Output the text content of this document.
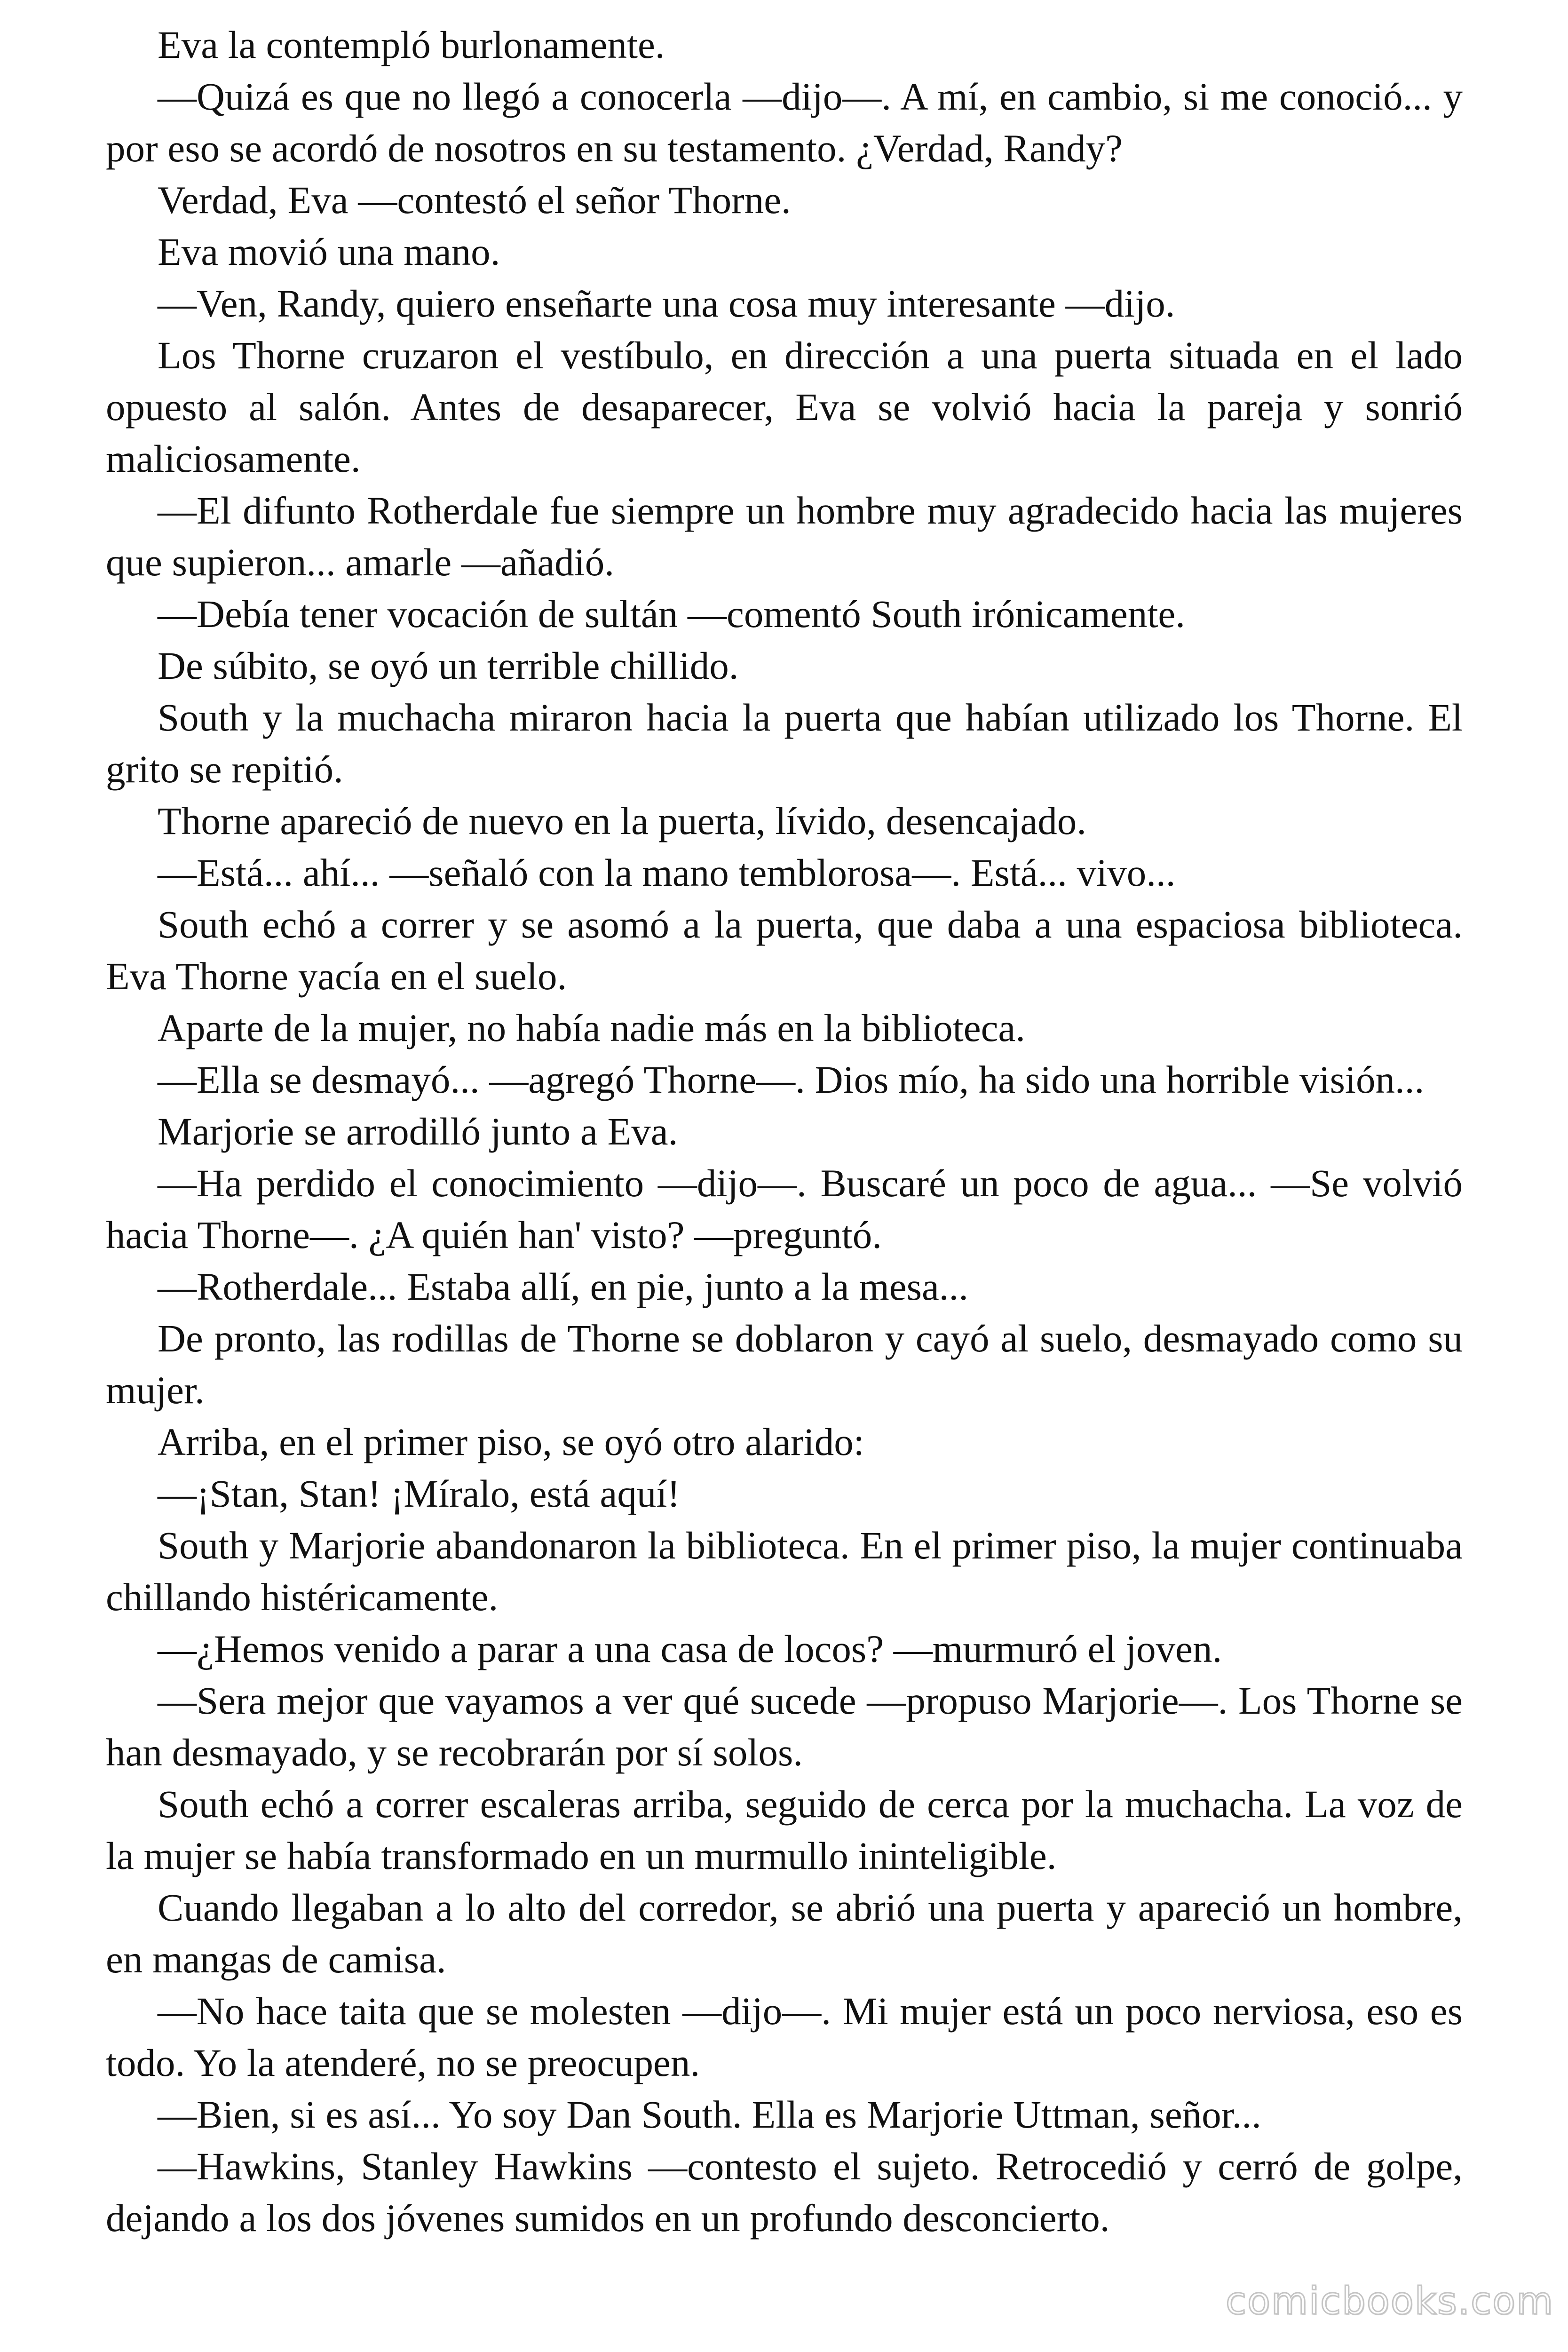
Eva la contempló burlonamente.

—Quizá es que no llegó a conocerla —dijo—. A mí, en cambio, si me conoció... y por eso se acordó de nosotros en su testamento. ¿Verdad, Randy?

Verdad, Eva —contestó el señor Thorne.

Eva movió una mano.

—Ven, Randy, quiero enseñarte una cosa muy interesante —dijo.

Los Thorne cruzaron el vestíbulo, en dirección a una puerta situada en el lado opuesto al salón. Antes de desaparecer, Eva se volvió hacia la pareja y sonrió maliciosamente.

—El difunto Rotherdale fue siempre un hombre muy agradecido hacia las mujeres que supieron... amarle —añadió.

—Debía tener vocación de sultán —comentó South irónicamente.

De súbito, se oyó un terrible chillido.

South y la muchacha miraron hacia la puerta que habían utilizado los Thorne. El grito se repitió.

Thorne apareció de nuevo en la puerta, lívido, desencajado.

—Está... ahí... —señaló con la mano temblorosa—. Está... vivo...

South echó a correr y se asomó a la puerta, que daba a una espaciosa biblioteca. Eva Thorne yacía en el suelo.

Aparte de la mujer, no había nadie más en la biblioteca.

—Ella se desmayó... —agregó Thorne—. Dios mío, ha sido una horrible visión...

Marjorie se arrodilló junto a Eva.

—Ha perdido el conocimiento —dijo—. Buscaré un poco de agua... —Se volvió hacia Thorne—. ¿A quién han' visto? —preguntó.

—Rotherdale... Estaba allí, en pie, junto a la mesa...

De pronto, las rodillas de Thorne se doblaron y cayó al suelo, desmayado como su mujer.

Arriba, en el primer piso, se oyó otro alarido:

—¡Stan, Stan! ¡Míralo, está aquí!

South y Marjorie abandonaron la biblioteca. En el primer piso, la mujer continuaba chillando histéricamente.

—¿Hemos venido a parar a una casa de locos? —murmuró el joven.

—Sera mejor que vayamos a ver qué sucede —propuso Marjorie—. Los Thorne se han desmayado, y se recobrarán por sí solos.

South echó a correr escaleras arriba, seguido de cerca por la muchacha. La voz de la mujer se había transformado en un murmullo ininteligible.

Cuando llegaban a lo alto del corredor, se abrió una puerta y apareció un hombre, en mangas de camisa.

—No hace taita que se molesten —dijo—. Mi mujer está un poco nerviosa, eso es todo. Yo la atenderé, no se preocupen.

—Bien, si es así... Yo soy Dan South. Ella es Marjorie Uttman, señor...

—Hawkins, Stanley Hawkins —contesto el sujeto. Retrocedió y cerró de golpe, dejando a los dos jóvenes sumidos en un profundo desconcierto.

comicbooks.com
